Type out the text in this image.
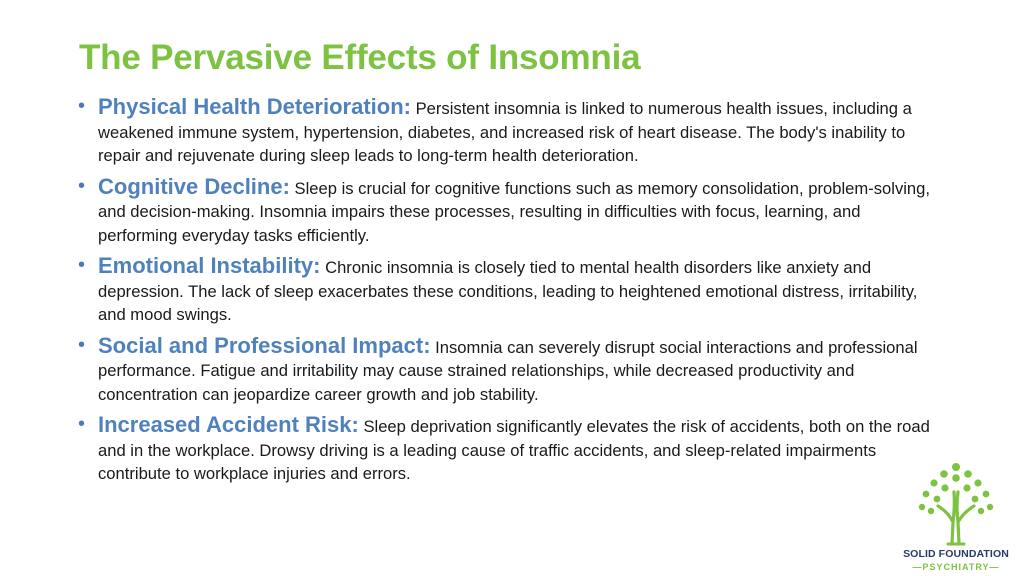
The Pervasive Effects of Insomnia
• Physical Health Deterioration: Persistent insomnia is linked to numerous health issues, including a weakened immune system, hypertension, diabetes, and increased risk of heart disease. The body's inability to repair and rejuvenate during sleep leads to long-term health deterioration.
• Cognitive Decline: Sleep is crucial for cognitive functions such as memory consolidation, problem-solving, and decision-making. Insomnia impairs these processes, resulting in difficulties with focus, learning, and performing everyday tasks efficiently.
• Emotional Instability: Chronic insomnia is closely tied to mental health disorders like anxiety and depression. The lack of sleep exacerbates these conditions, leading to heightened emotional distress, irritability, and mood swings.
• Social and Professional Impact: Insomnia can severely disrupt social interactions and professional performance. Fatigue and irritability may cause strained relationships, while decreased productivity and concentration can jeopardize career growth and job stability.
• Increased Accident Risk: Sleep deprivation significantly elevates the risk of accidents, both on the road and in the workplace. Drowsy driving is a leading cause of traffic accidents, and sleep-related impairments contribute to workplace injuries and errors.
SOLID FOUNDATION
—PSYCHIATRY—
